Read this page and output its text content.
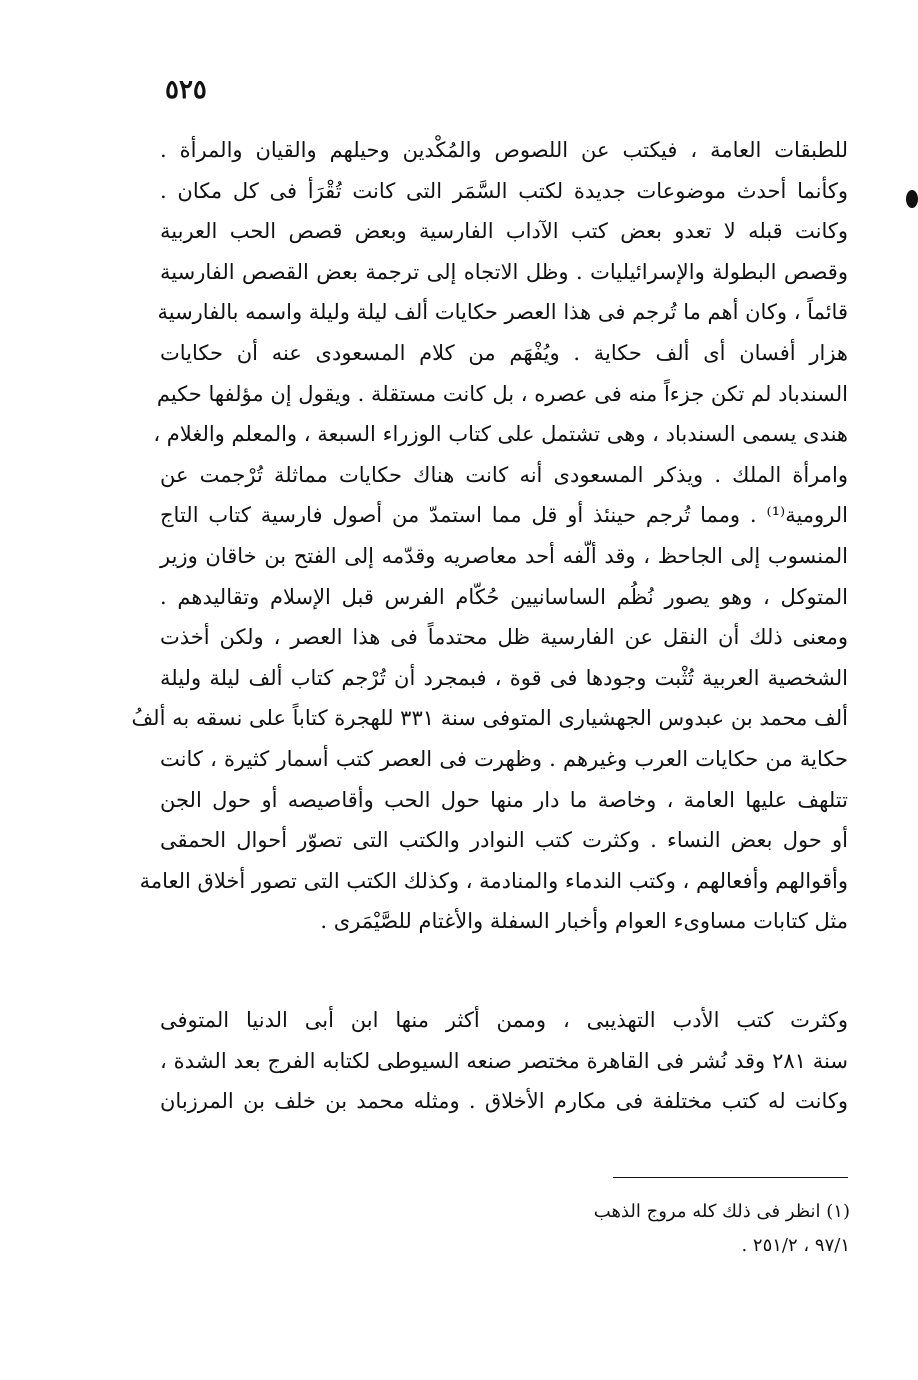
٥٢٥
للطبقات العامة ، فيكتب عن اللصوص والمُكْدين وحيلهم والقيان والمرأة .
وكأنما أحدث موضوعات جديدة لكتب السَّمَر التى كانت تُقْرَأ فى كل مكان .
وكانت قبله لا تعدو بعض كتب الآداب الفارسية وبعض قصص الحب العربية
وقصص البطولة والإسرائيليات . وظل الاتجاه إلى ترجمة بعض القصص الفارسية
قائماً ، وكان أهم ما تُرجم فى هذا العصر حكايات ألف ليلة وليلة واسمه بالفارسية
هزار أفسان أى ألف حكاية . ويُفْهَم من كلام المسعودى عنه أن حكايات
السندباد لم تكن جزءاً منه فى عصره ، بل كانت مستقلة . ويقول إن مؤلفها حكيم
هندى يسمى السندباد ، وهى تشتمل على كتاب الوزراء السبعة ، والمعلم والغلام ،
وامرأة الملك . ويذكر المسعودى أنه كانت هناك حكايات مماثلة تُرْجمت عن
الرومية⁽¹⁾ . ومما تُرجم حينئذ أو قل مما استمدّ من أصول فارسية كتاب التاج
المنسوب إلى الجاحظ ، وقد ألّفه أحد معاصريه وقدّمه إلى الفتح بن خاقان وزير
المتوكل ، وهو يصور نُظُم الساسانيين حُكّام الفرس قبل الإسلام وتقاليدهم .
ومعنى ذلك أن النقل عن الفارسية ظل محتدماً فى هذا العصر ، ولكن أخذت
الشخصية العربية تُثْبت وجودها فى قوة ، فبمجرد أن تُرْجم كتاب ألف ليلة وليلة
ألف محمد بن عبدوس الجهشيارى المتوفى سنة ٣٣١ للهجرة كتاباً على نسقه به ألفُ
حكاية من حكايات العرب وغيرهم . وظهرت فى العصر كتب أسمار كثيرة ، كانت
تتلهف عليها العامة ، وخاصة ما دار منها حول الحب وأقاصيصه أو حول الجن
أو حول بعض النساء . وكثرت كتب النوادر والكتب التى تصوّر أحوال الحمقى
وأقوالهم وأفعالهم ، وكتب الندماء والمنادمة ، وكذلك الكتب التى تصور أخلاق العامة
مثل كتابات مساوىء العوام وأخبار السفلة والأغتام للصَّيْمَرى .
وكثرت كتب الأدب التهذيبى ، وممن أكثر منها ابن أبى الدنيا المتوفى
سنة ٢٨١ وقد نُشر فى القاهرة مختصر صنعه السيوطى لكتابه الفرج بعد الشدة ،
وكانت له كتب مختلفة فى مكارم الأخلاق . ومثله محمد بن خلف بن المرزبان
(١) انظر فى ذلك كله مروج الذهب
٩٧/١ ، ٢٥١/٢ .
